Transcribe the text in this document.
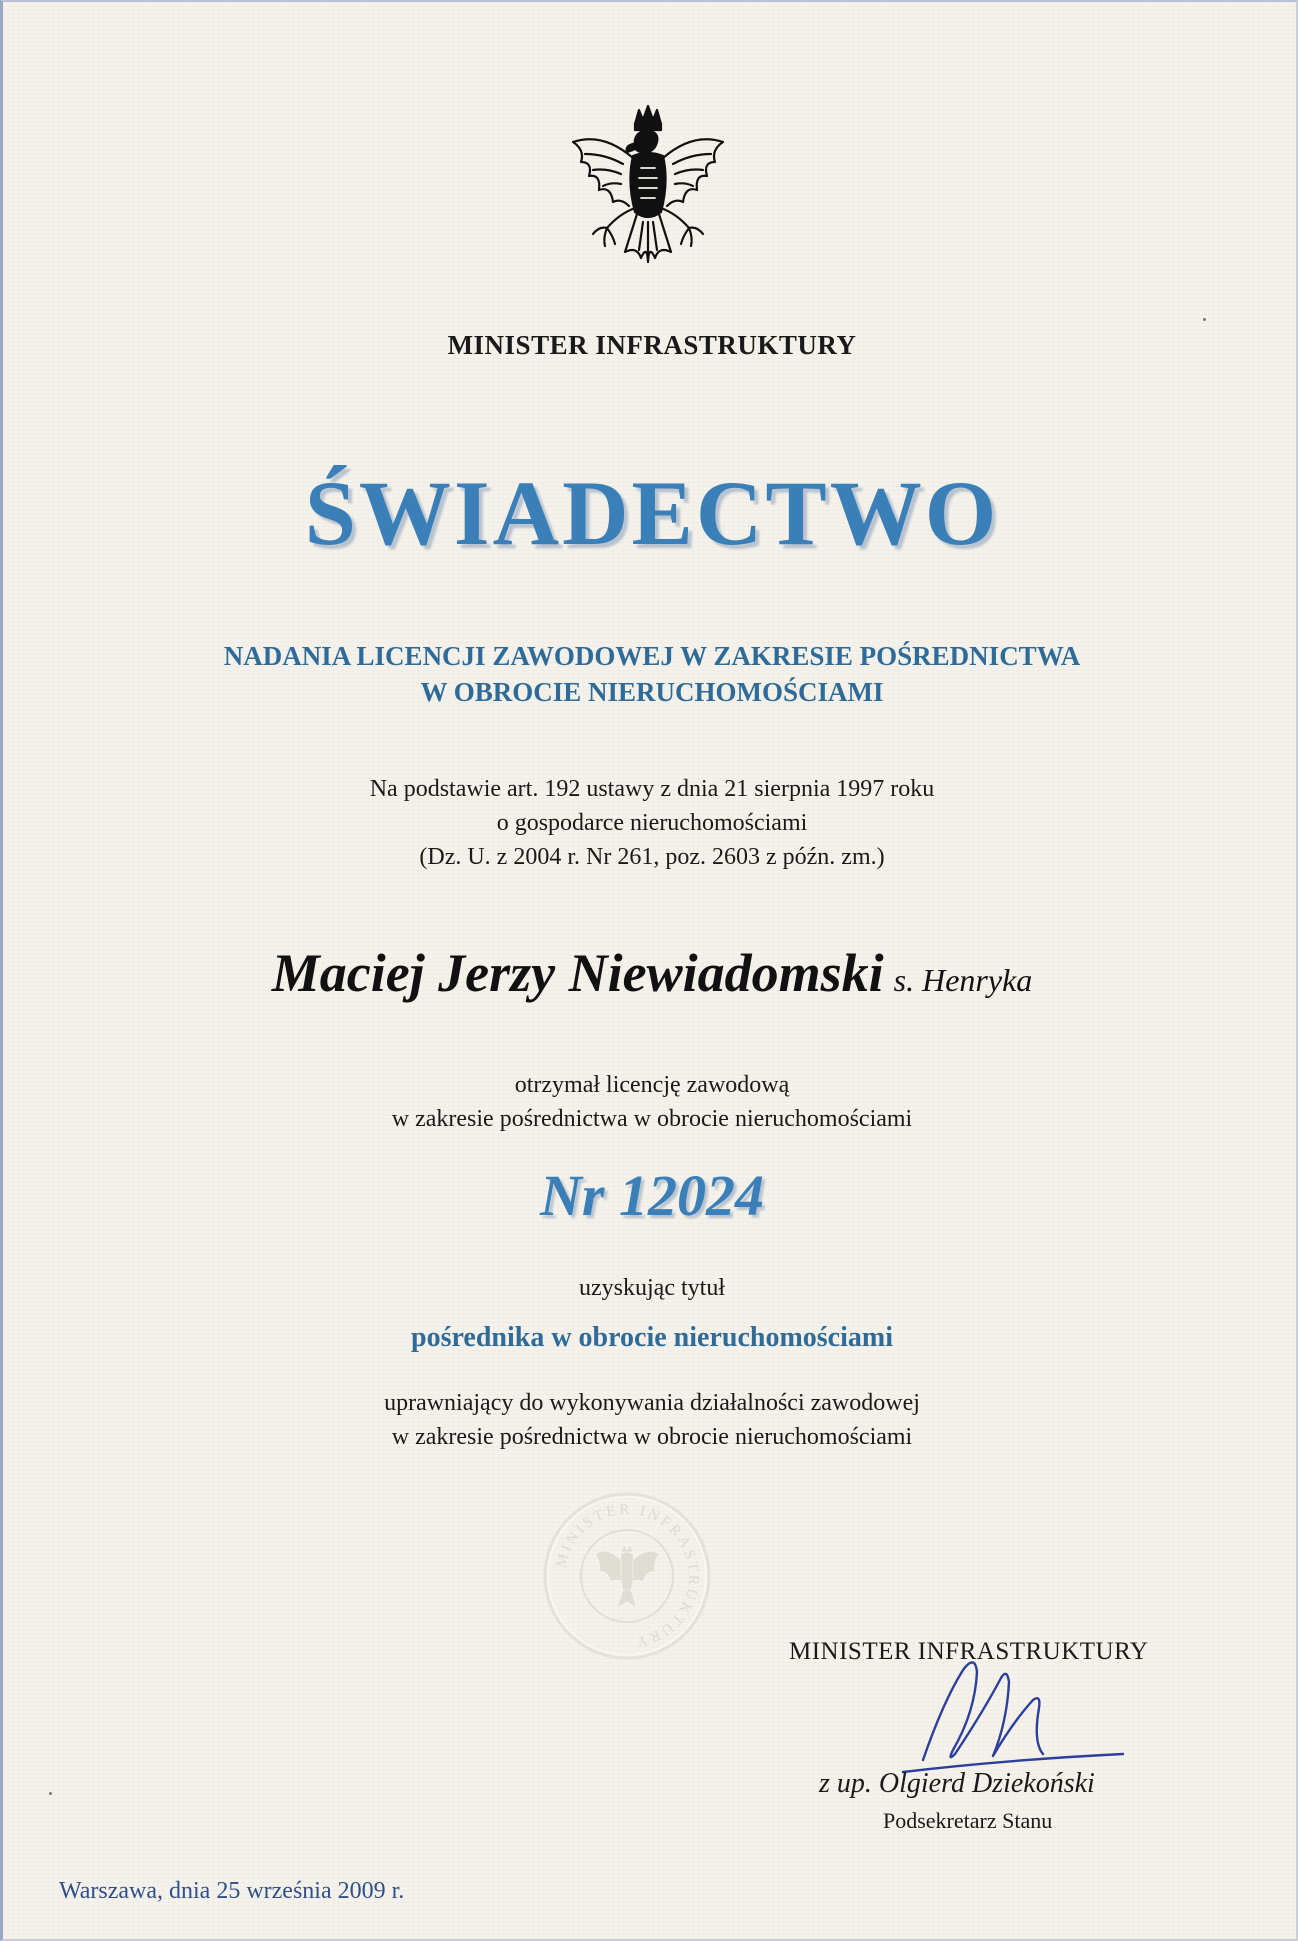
MINISTER INFRASTRUKTURY
ŚWIADECTWO
NADANIA LICENCJI ZAWODOWEJ W ZAKRESIE POŚREDNICTWA
W OBROCIE NIERUCHOMOŚCIAMI
Na podstawie art. 192 ustawy z dnia 21 sierpnia 1997 roku
o gospodarce nieruchomościami
(Dz. U. z 2004 r. Nr 261, poz. 2603 z późn. zm.)
Maciej Jerzy Niewiadomski s. Henryka
otrzymał licencję zawodową
w zakresie pośrednictwa w obrocie nieruchomościami
Nr 12024
uzyskując tytuł
pośrednika w obrocie nieruchomościami
uprawniający do wykonywania działalności zawodowej
w zakresie pośrednictwa w obrocie nieruchomościami
MINISTER INFRASTRUKTURY	MINISTER INFRASTRUKTURY
z up. Olgierd Dziekoński
Podsekretarz Stanu
Warszawa, dnia 25 września 2009 r.
